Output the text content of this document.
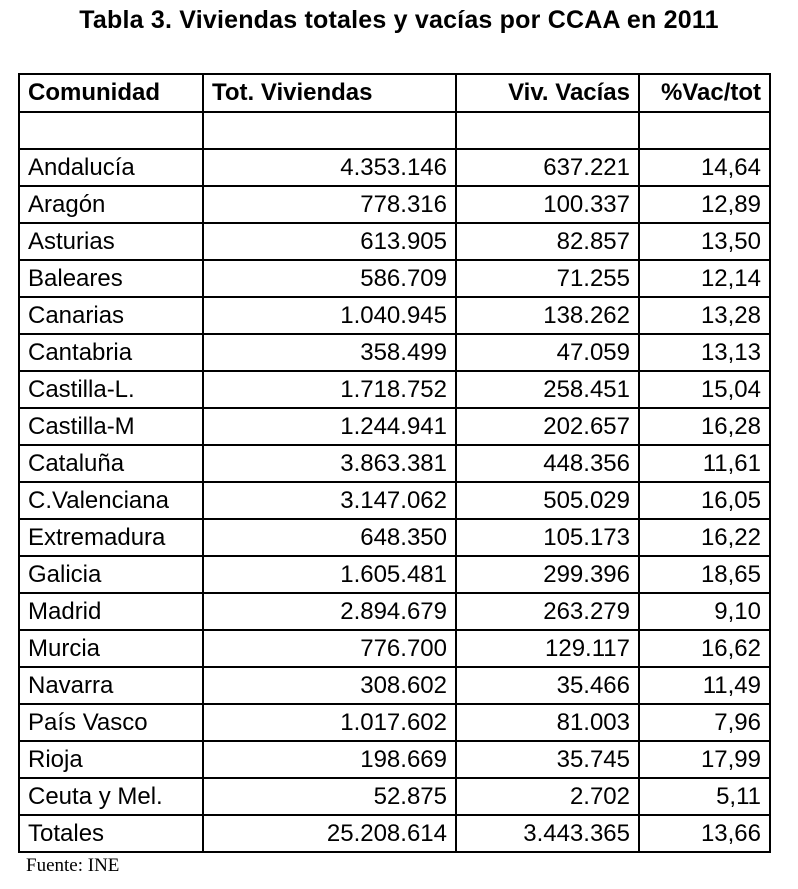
Tabla 3. Viviendas totales y vacías por CCAA en 2011
Comunidad	Tot. Viviendas	Viv. Vacías	%Vac/tot

Andalucía	4.353.146	637.221	14,64
Aragón	778.316	100.337	12,89
Asturias	613.905	82.857	13,50
Baleares	586.709	71.255	12,14
Canarias	1.040.945	138.262	13,28
Cantabria	358.499	47.059	13,13
Castilla-L.	1.718.752	258.451	15,04
Castilla-M	1.244.941	202.657	16,28
Cataluña	3.863.381	448.356	11,61
C.Valenciana	3.147.062	505.029	16,05
Extremadura	648.350	105.173	16,22
Galicia	1.605.481	299.396	18,65
Madrid	2.894.679	263.279	9,10
Murcia	776.700	129.117	16,62
Navarra	308.602	35.466	11,49
País Vasco	1.017.602	81.003	7,96
Rioja	198.669	35.745	17,99
Ceuta y Mel.	52.875	2.702	5,11
Totales	25.208.614	3.443.365	13,66
Fuente: INE
